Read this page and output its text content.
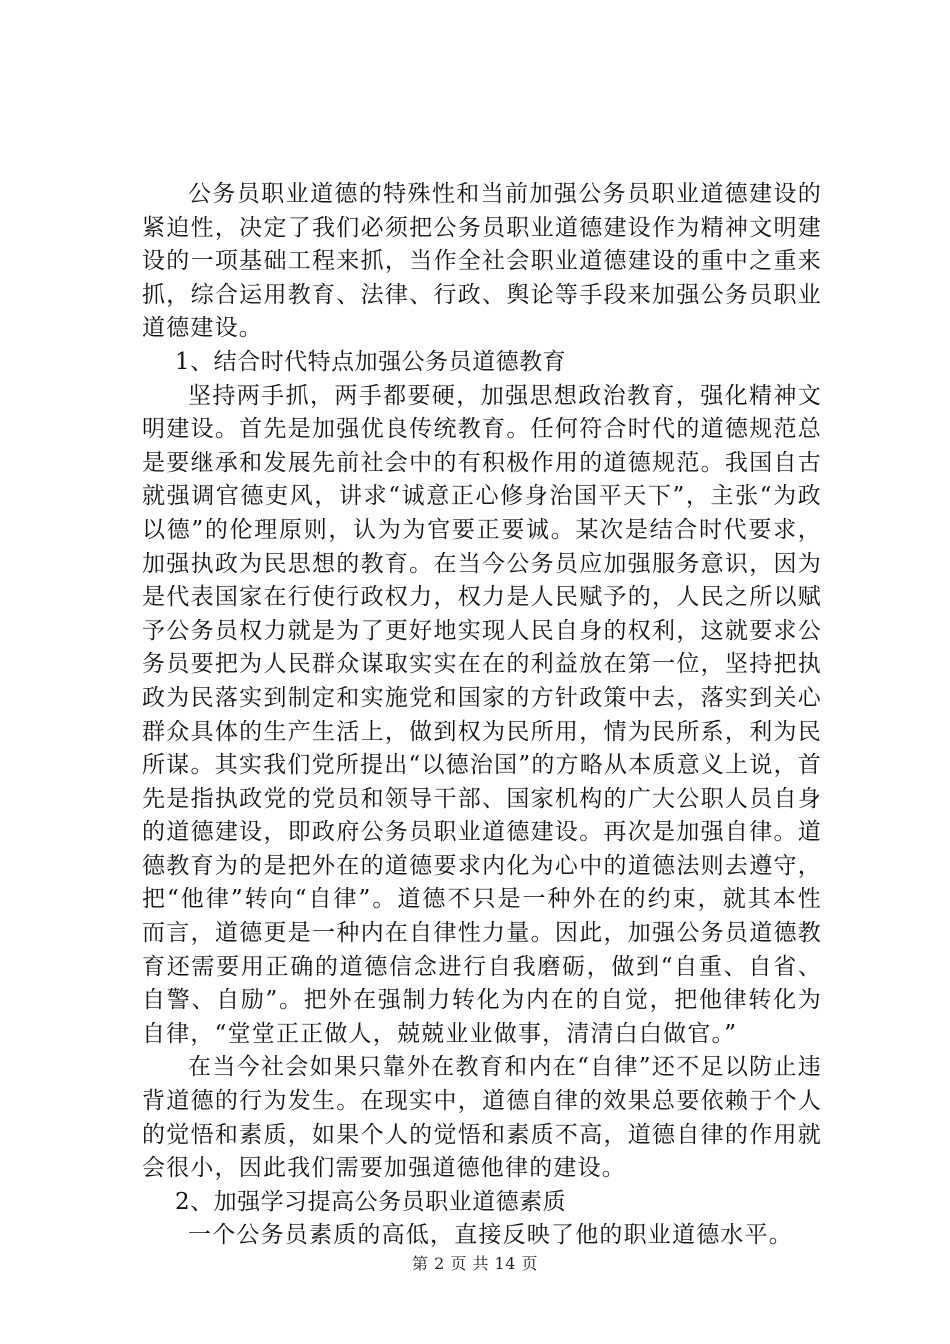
公务员职业道德的特殊性和当前加强公务员职业道德建设的紧迫性，决定了我们必须把公务员职业道德建设作为精神文明建设的一项基础工程来抓，当作全社会职业道德建设的重中之重来抓，综合运用教育、法律、行政、舆论等手段来加强公务员职业道德建设。

1、结合时代特点加强公务员道德教育

坚持两手抓，两手都要硬，加强思想政治教育，强化精神文明建设。首先是加强优良传统教育。任何符合时代的道德规范总是要继承和发展先前社会中的有积极作用的道德规范。我国自古就强调官德吏风，讲求“诚意正心修身治国平天下”，主张“为政以德”的伦理原则，认为为官要正要诚。某次是结合时代要求，加强执政为民思想的教育。在当今公务员应加强服务意识，因为是代表国家在行使行政权力，权力是人民赋予的，人民之所以赋予公务员权力就是为了更好地实现人民自身的权利，这就要求公务员要把为人民群众谋取实实在在的利益放在第一位，坚持把执政为民落实到制定和实施党和国家的方针政策中去，落实到关心群众具体的生产生活上，做到权为民所用，情为民所系，利为民所谋。其实我们党所提出“以德治国”的方略从本质意义上说，首先是指执政党的党员和领导干部、国家机构的广大公职人员自身的道德建设，即政府公务员职业道德建设。再次是加强自律。道德教育为的是把外在的道德要求内化为心中的道德法则去遵守，把“他律”转向“自律”。道德不只是一种外在的约束，就其本性而言，道德更是一种内在自律性力量。因此，加强公务员道德教育还需要用正确的道德信念进行自我磨砺，做到“自重、自省、自警、自励”。把外在强制力转化为内在的自觉，把他律转化为自律，“堂堂正正做人，兢兢业业做事，清清白白做官。”

在当今社会如果只靠外在教育和内在“自律”还不足以防止违背道德的行为发生。在现实中，道德自律的效果总要依赖于个人的觉悟和素质，如果个人的觉悟和素质不高，道德自律的作用就会很小，因此我们需要加强道德他律的建设。

2、加强学习提高公务员职业道德素质

一个公务员素质的高低，直接反映了他的职业道德水平。

第 2 页 共 14 页
